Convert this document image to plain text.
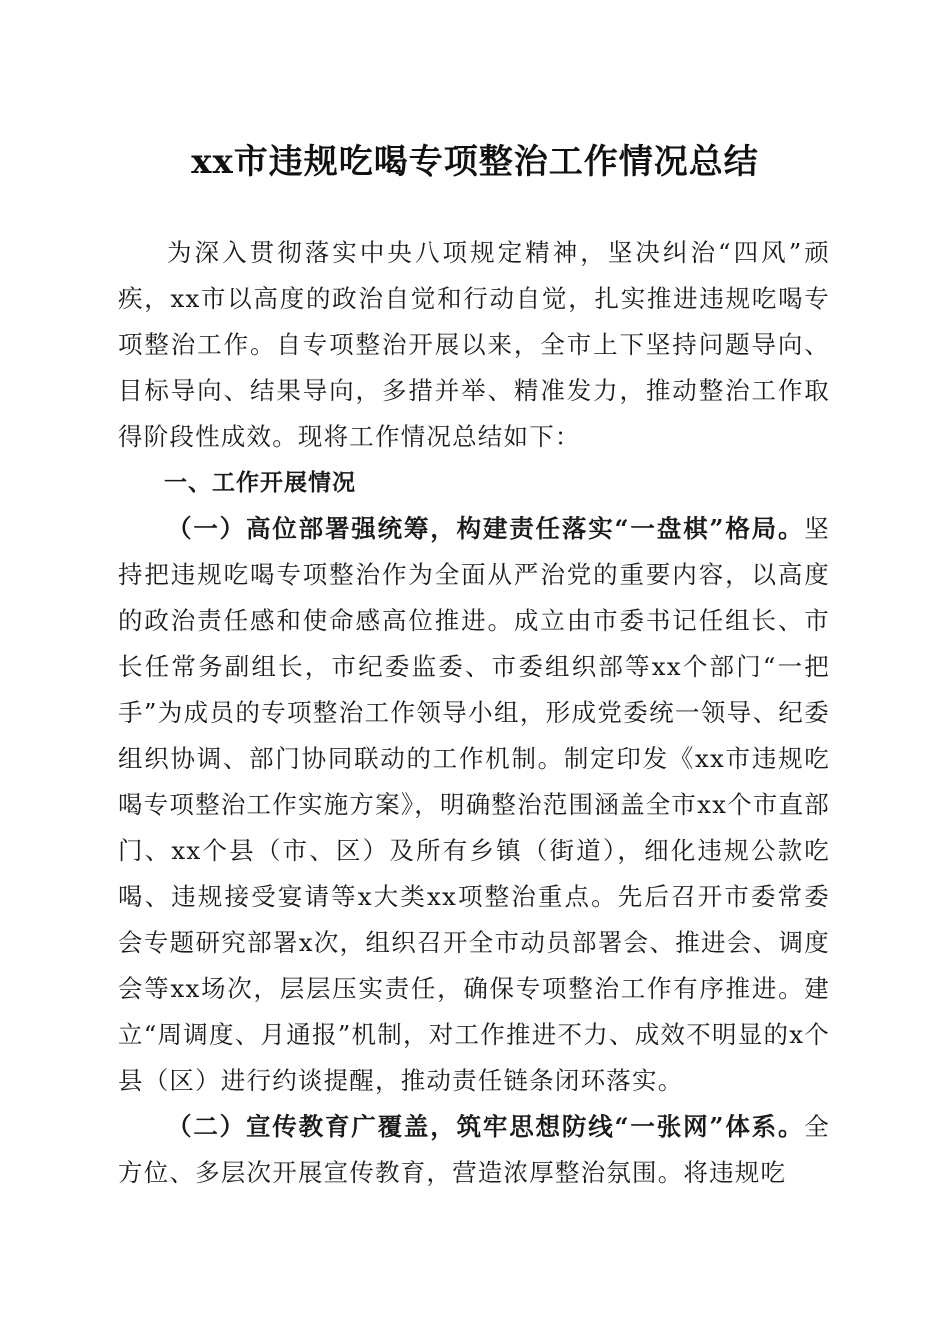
xx市违规吃喝专项整治工作情况总结

为深入贯彻落实中央八项规定精神，坚决纠治“四风”顽疾，xx市以高度的政治自觉和行动自觉，扎实推进违规吃喝专项整治工作。自专项整治开展以来，全市上下坚持问题导向、目标导向、结果导向，多措并举、精准发力，推动整治工作取得阶段性成效。现将工作情况总结如下：

一、工作开展情况

（一）高位部署强统筹，构建责任落实“一盘棋”格局。坚持把违规吃喝专项整治作为全面从严治党的重要内容，以高度的政治责任感和使命感高位推进。成立由市委书记任组长、市长任常务副组长，市纪委监委、市委组织部等xx个部门“一把手”为成员的专项整治工作领导小组，形成党委统一领导、纪委组织协调、部门协同联动的工作机制。制定印发《xx市违规吃喝专项整治工作实施方案》，明确整治范围涵盖全市xx个市直部门、xx个县（市、区）及所有乡镇（街道），细化违规公款吃喝、违规接受宴请等x大类xx项整治重点。先后召开市委常委会专题研究部署x次，组织召开全市动员部署会、推进会、调度会等xx场次，层层压实责任，确保专项整治工作有序推进。建立“周调度、月通报”机制，对工作推进不力、成效不明显的x个县（区）进行约谈提醒，推动责任链条闭环落实。

（二）宣传教育广覆盖，筑牢思想防线“一张网”体系。全方位、多层次开展宣传教育，营造浓厚整治氛围。将违规吃
